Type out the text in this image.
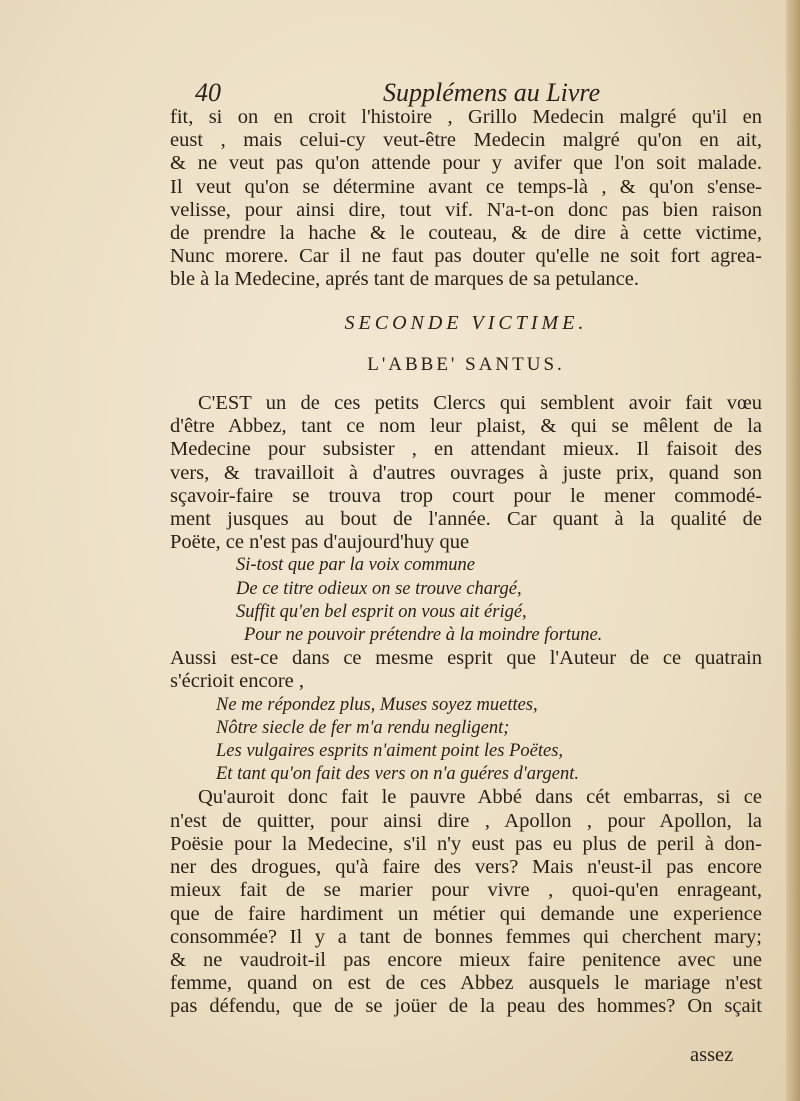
40	Supplémens au Livre
fit, si on en croit l'histoire , Grillo Medecin malgré qu'il en
eust , mais celui-cy veut-être Medecin malgré qu'on en ait,
& ne veut pas qu'on attende pour y avifer que l'on soit malade.
Il veut qu'on se détermine avant ce temps-là , & qu'on s'ense-
velisse, pour ainsi dire, tout vif. N'a-t-on donc pas bien raison
de prendre la hache & le couteau, & de dire à cette victime,
Nunc morere. Car il ne faut pas douter qu'elle ne soit fort agrea-
ble à la Medecine, aprés tant de marques de sa petulance.
SECONDE VICTIME.
L'ABBE' SANTUS.
C'EST un de ces petits Clercs qui semblent avoir fait vœu
d'être Abbez, tant ce nom leur plaist, & qui se mêlent de la
Medecine pour subsister , en attendant mieux. Il faisoit des
vers, & travailloit à d'autres ouvrages à juste prix, quand son
sçavoir-faire se trouva trop court pour le mener commodé-
ment jusques au bout de l'année. Car quant à la qualité de
Poëte, ce n'est pas d'aujourd'huy que
Si-tost que par la voix commune
De ce titre odieux on se trouve chargé,
Suffit qu'en bel esprit on vous ait érigé,
Pour ne pouvoir prétendre à la moindre fortune.
Aussi est-ce dans ce mesme esprit que l'Auteur de ce quatrain
s'écrioit encore ,
Ne me répondez plus, Muses soyez muettes,
Nôtre siecle de fer m'a rendu negligent;
Les vulgaires esprits n'aiment point les Poëtes,
Et tant qu'on fait des vers on n'a guéres d'argent.
Qu'auroit donc fait le pauvre Abbé dans cét embarras, si ce
n'est de quitter, pour ainsi dire , Apollon , pour Apollon, la
Poësie pour la Medecine, s'il n'y eust pas eu plus de peril à don-
ner des drogues, qu'à faire des vers? Mais n'eust-il pas encore
mieux fait de se marier pour vivre , quoi-qu'en enrageant,
que de faire hardiment un métier qui demande une experience
consommée? Il y a tant de bonnes femmes qui cherchent mary;
& ne vaudroit-il pas encore mieux faire penitence avec une
femme, quand on est de ces Abbez ausquels le mariage n'est
pas défendu, que de se joüer de la peau des hommes? On sçait
assez
